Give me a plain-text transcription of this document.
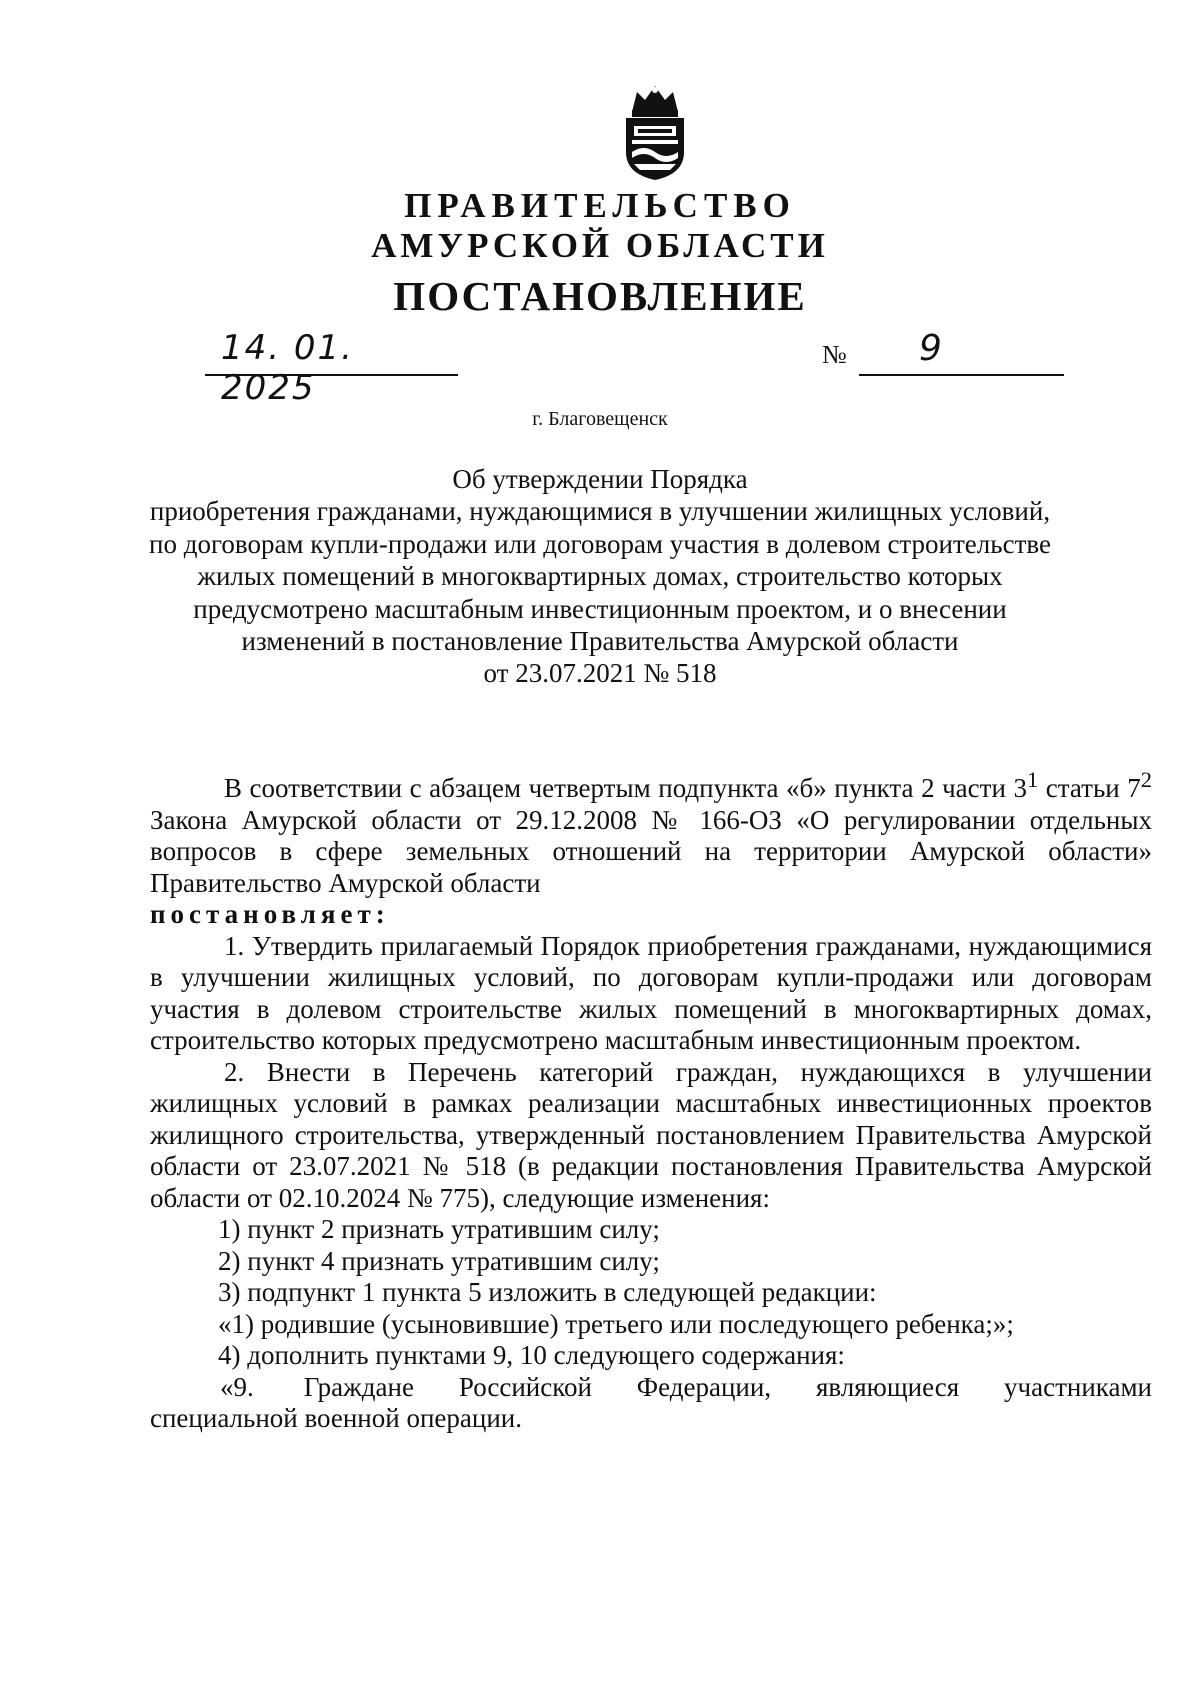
ПРАВИТЕЛЬСТВО
АМУРСКОЙ ОБЛАСТИ
ПОСТАНОВЛЕНИЕ
14. 01. 2025
№ 9
г. Благовещенск
Об утверждении Порядка
приобретения гражданами, нуждающимися в улучшении жилищных условий,
по договорам купли-продажи или договорам участия в долевом строительстве
жилых помещений в многоквартирных домах, строительство которых
предусмотрено масштабным инвестиционным проектом, и о внесении
изменений в постановление Правительства Амурской области
от 23.07.2021 № 518

В соответствии с абзацем четвертым подпункта «б» пункта 2 части $3^1$ статьи $7^2$ Закона Амурской области от 29.12.2008 № 166-ОЗ «О регулировании отдельных вопросов в сфере земельных отношений на территории Амурской области» Правительство Амурской области

постановляет:

1. Утвердить прилагаемый Порядок приобретения гражданами, нуждающимися в улучшении жилищных условий, по договорам купли-продажи или договорам участия в долевом строительстве жилых помещений в многоквартирных домах, строительство которых предусмотрено масштабным инвестиционным проектом.

2. Внести в Перечень категорий граждан, нуждающихся в улучшении жилищных условий в рамках реализации масштабных инвестиционных проектов жилищного строительства, утвержденный постановлением Правительства Амурской области от 23.07.2021 № 518 (в редакции постановления Правительства Амурской области от 02.10.2024 № 775), следующие изменения:

1) пункт 2 признать утратившим силу;

2) пункт 4 признать утратившим силу;

3) подпункт 1 пункта 5 изложить в следующей редакции:

«1) родившие (усыновившие) третьего или последующего ребенка;»;

4) дополнить пунктами 9, 10 следующего содержания:

«9. Граждане Российской Федерации, являющиеся участниками специальной военной операции.
